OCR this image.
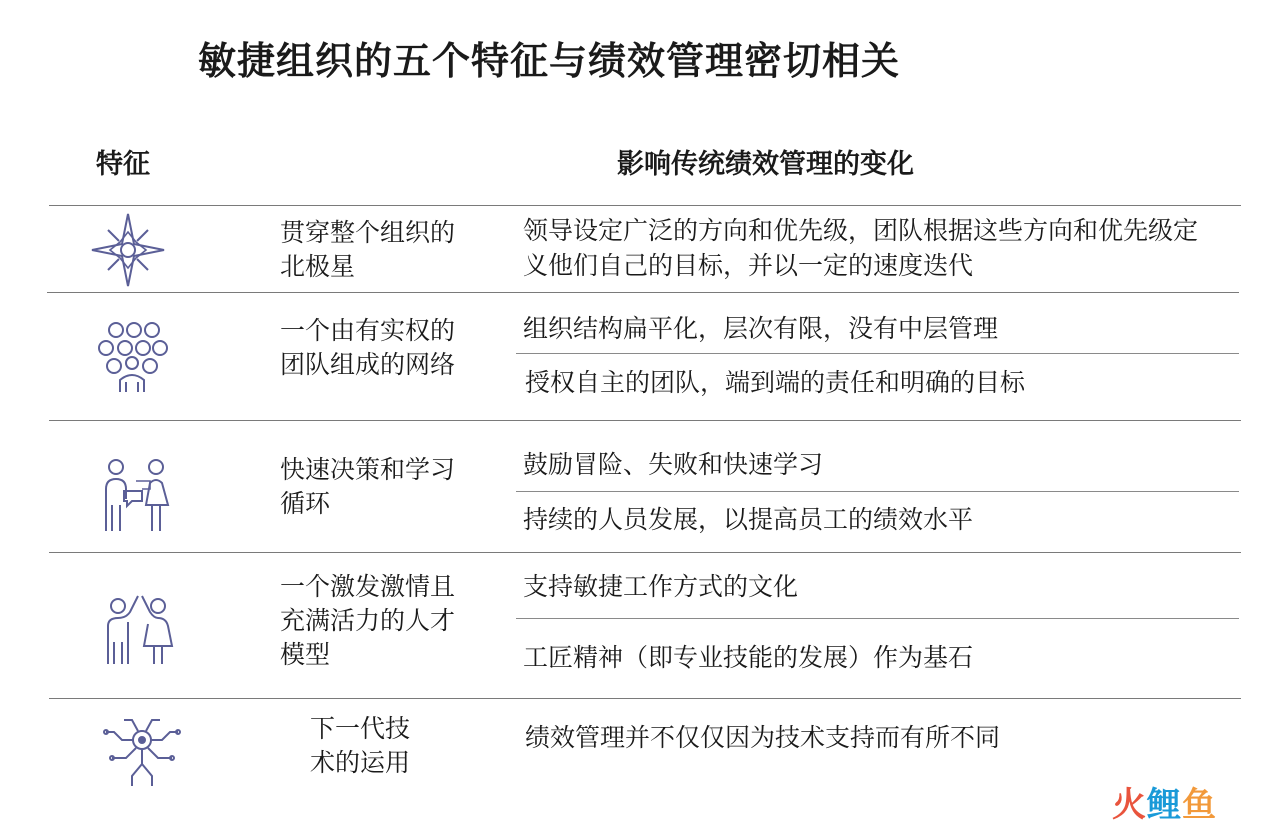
敏捷组织的五个特征与绩效管理密切相关
特征	影响传统绩效管理的变化
贯穿整个组织的北极星
领导设定广泛的方向和优先级，团队根据这些方向和优先级定义他们自己的目标，并以一定的速度迭代
一个由有实权的团队组成的网络
组织结构扁平化，层次有限，没有中层管理
授权自主的团队，端到端的责任和明确的目标
快速决策和学习循环
鼓励冒险、失败和快速学习
持续的人员发展，以提高员工的绩效水平
一个激发激情且充满活力的人才模型
支持敏捷工作方式的文化
工匠精神（即专业技能的发展）作为基石
下一代技术的运用
绩效管理并不仅仅因为技术支持而有所不同
火鲤鱼
